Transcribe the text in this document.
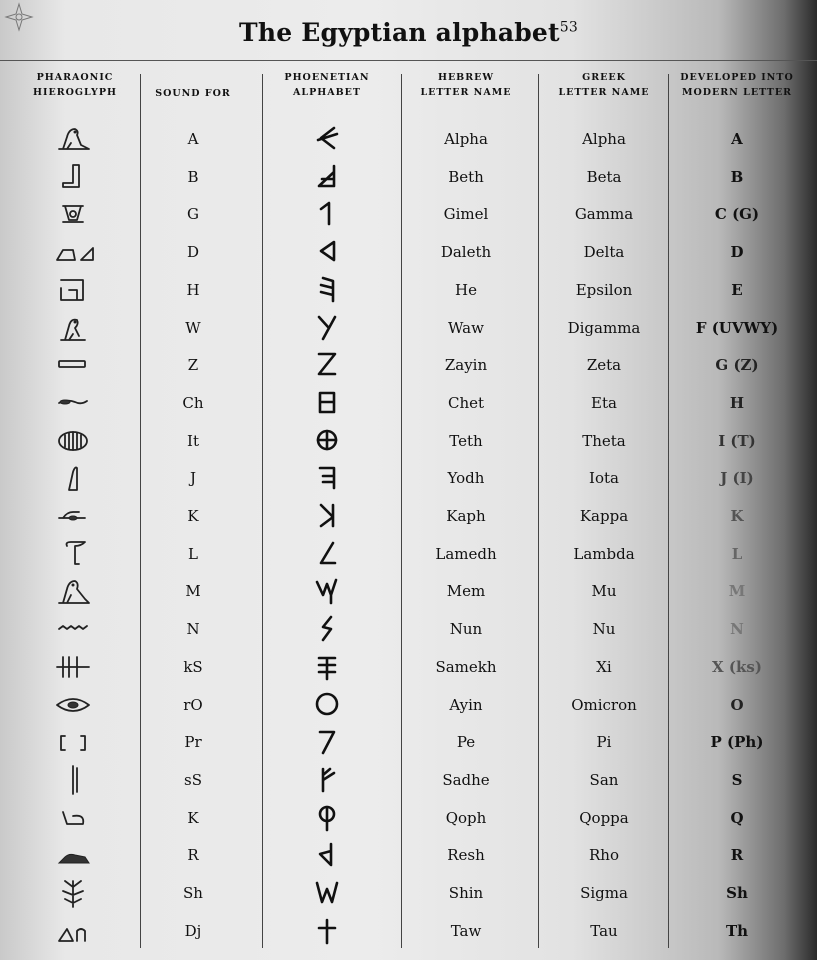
The Egyptian alphabet$^{53}$
PHARAONIC
HIEROGLYPH	SOUND FOR
PHOENETIAN
ALPHABET
HEBREW
LETTER NAME
GREEK
LETTER NAME
DEVELOPED INTO
MODERN LETTER
A	Alpha	Alpha	A
B	Beth	Beta	B
G	Gimel	Gamma	C (G)
D	Daleth	Delta	D
H	He	Epsilon	E
W	Waw	Digamma	F (UVWY)
Z	Zayin	Zeta	G (Z)
Ch	Chet	Eta	H
It	Teth	Theta	I (T)
J	Yodh	Iota	J (I)
K	Kaph	Kappa	K
L	Lamedh	Lambda	L
M	Mem	Mu	M
N	Nun	Nu	N
kS	Samekh	Xi	X (ks)
rO	Ayin	Omicron	O
Pr	Pe	Pi	P (Ph)
sS	Sadhe	San	S
K	Qoph	Qoppa	Q
R	Resh	Rho	R
Sh	Shin	Sigma	Sh
Dj	Taw	Tau	Th
